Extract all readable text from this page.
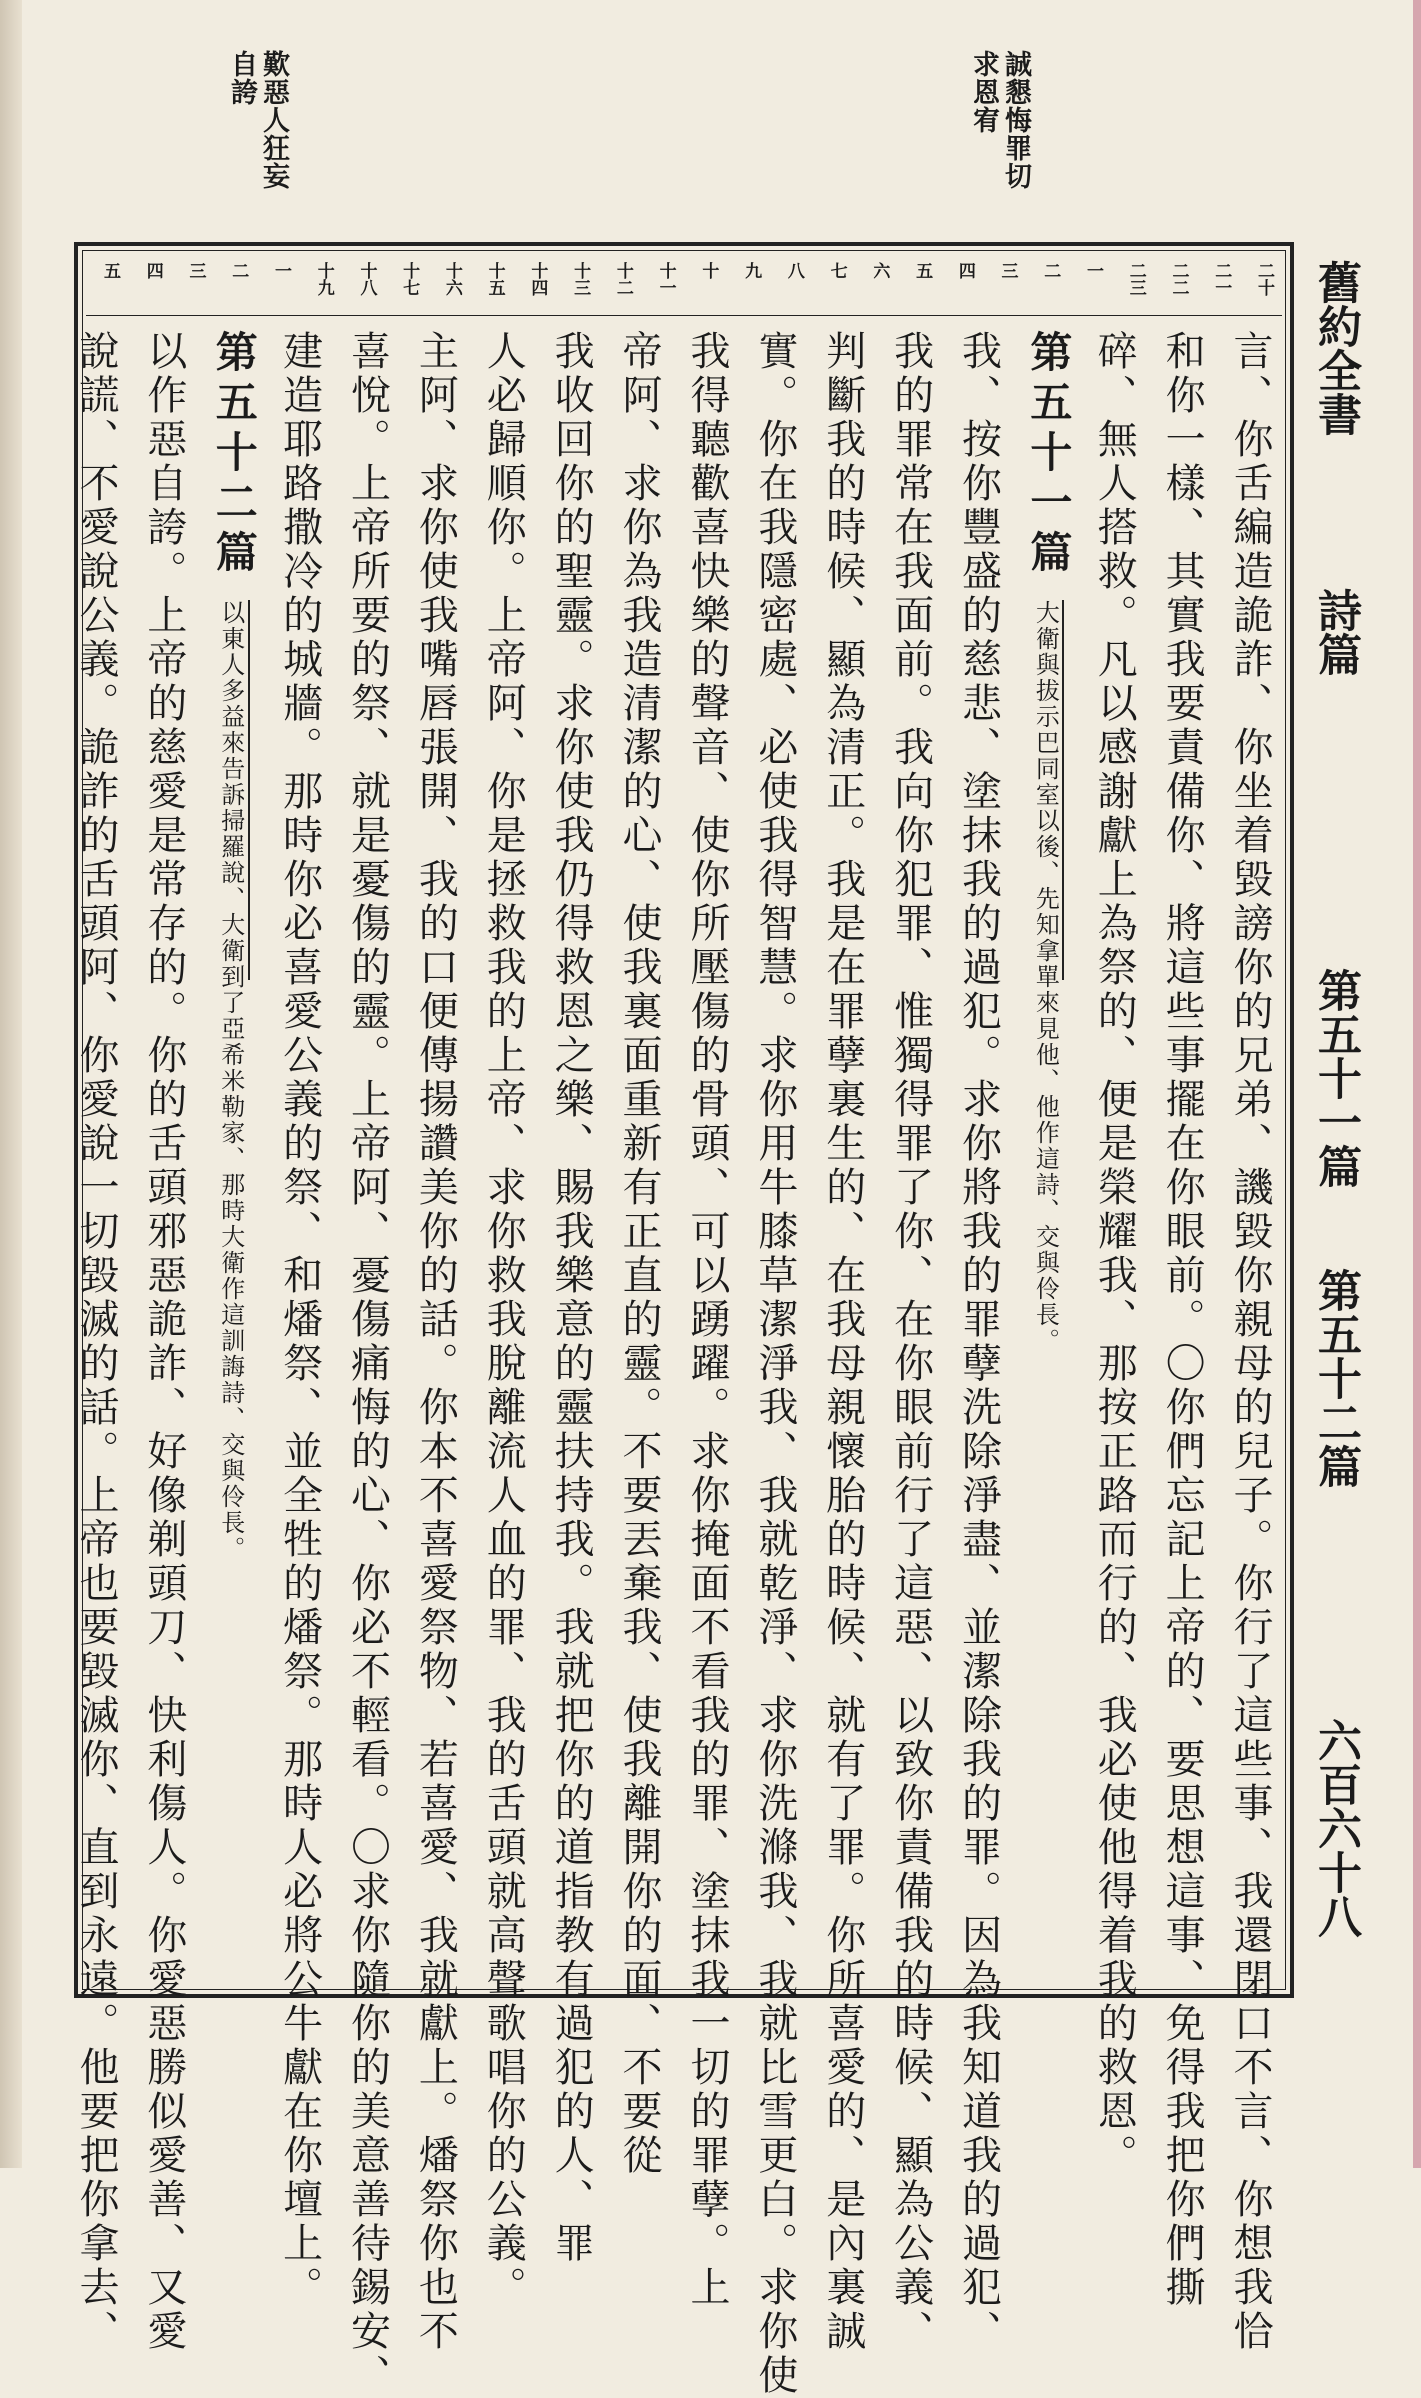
誠懇悔罪切
求恩宥
歎惡人狂妄
自誇
舊約全書
詩篇
第五十一篇
第五十二篇
六百六十八
二十
二一
二二
二三
一
二
三
四
五
六
七
八
九
十
十一
十二
十三
十四
十五
十六
十七
十八
十九
一
二
三
四
五
言、你舌編造詭詐、你坐着毀謗你的兄弟、譏毀你親母的兒子。你行了這些事、我還閉口不言、你想我恰
和你一樣、其實我要責備你、將這些事擺在你眼前。〇你們忘記上帝的、要思想這事、免得我把你們撕
碎、無人搭救。凡以感謝獻上為祭的、便是榮耀我、那按正路而行的、我必使他得着我的救恩。
第五十一篇
大衛與拔示巴同室以後、先知拿單來見他、他作這詩、交與伶長。
我、按你豐盛的慈悲、塗抹我的過犯。求你將我的罪孽洗除淨盡、並潔除我的罪。因為我知道我的過犯、
我的罪常在我面前。我向你犯罪、惟獨得罪了你、在你眼前行了這惡、以致你責備我的時候、顯為公義、
判斷我的時候、顯為清正。我是在罪孽裏生的、在我母親懷胎的時候、就有了罪。你所喜愛的、是內裏誠
實。你在我隱密處、必使我得智慧。求你用牛膝草潔淨我、我就乾淨、求你洗滌我、我就比雪更白。求你使
我得聽歡喜快樂的聲音、使你所壓傷的骨頭、可以踴躍。求你掩面不看我的罪、塗抹我一切的罪孽。上
帝阿、求你為我造清潔的心、使我裏面重新有正直的靈。不要丟棄我、使我離開你的面、不要從
我收回你的聖靈。求你使我仍得救恩之樂、賜我樂意的靈扶持我。我就把你的道指教有過犯的人、罪
人必歸順你。上帝阿、你是拯救我的上帝、求你救我脫離流人血的罪、我的舌頭就高聲歌唱你的公義。
主阿、求你使我嘴唇張開、我的口便傳揚讚美你的話。你本不喜愛祭物、若喜愛、我就獻上。燔祭你也不
喜悅。上帝所要的祭、就是憂傷的靈。上帝阿、憂傷痛悔的心、你必不輕看。〇求你隨你的美意善待錫安、
建造耶路撒冷的城牆。那時你必喜愛公義的祭、和燔祭、並全牲的燔祭。那時人必將公牛獻在你壇上。
第五十二篇
以東人多益來告訴掃羅說、大衛到了亞希米勒家、那時大衛作這訓誨詩、交與伶長。
以作惡自誇。上帝的慈愛是常存的。你的舌頭邪惡詭詐、好像剃頭刀、快利傷人。你愛惡勝似愛善、又愛
說謊、不愛說公義。詭詐的舌頭阿、你愛說一切毀滅的話。上帝也要毀滅你、直到永遠。他要把你拿去、
